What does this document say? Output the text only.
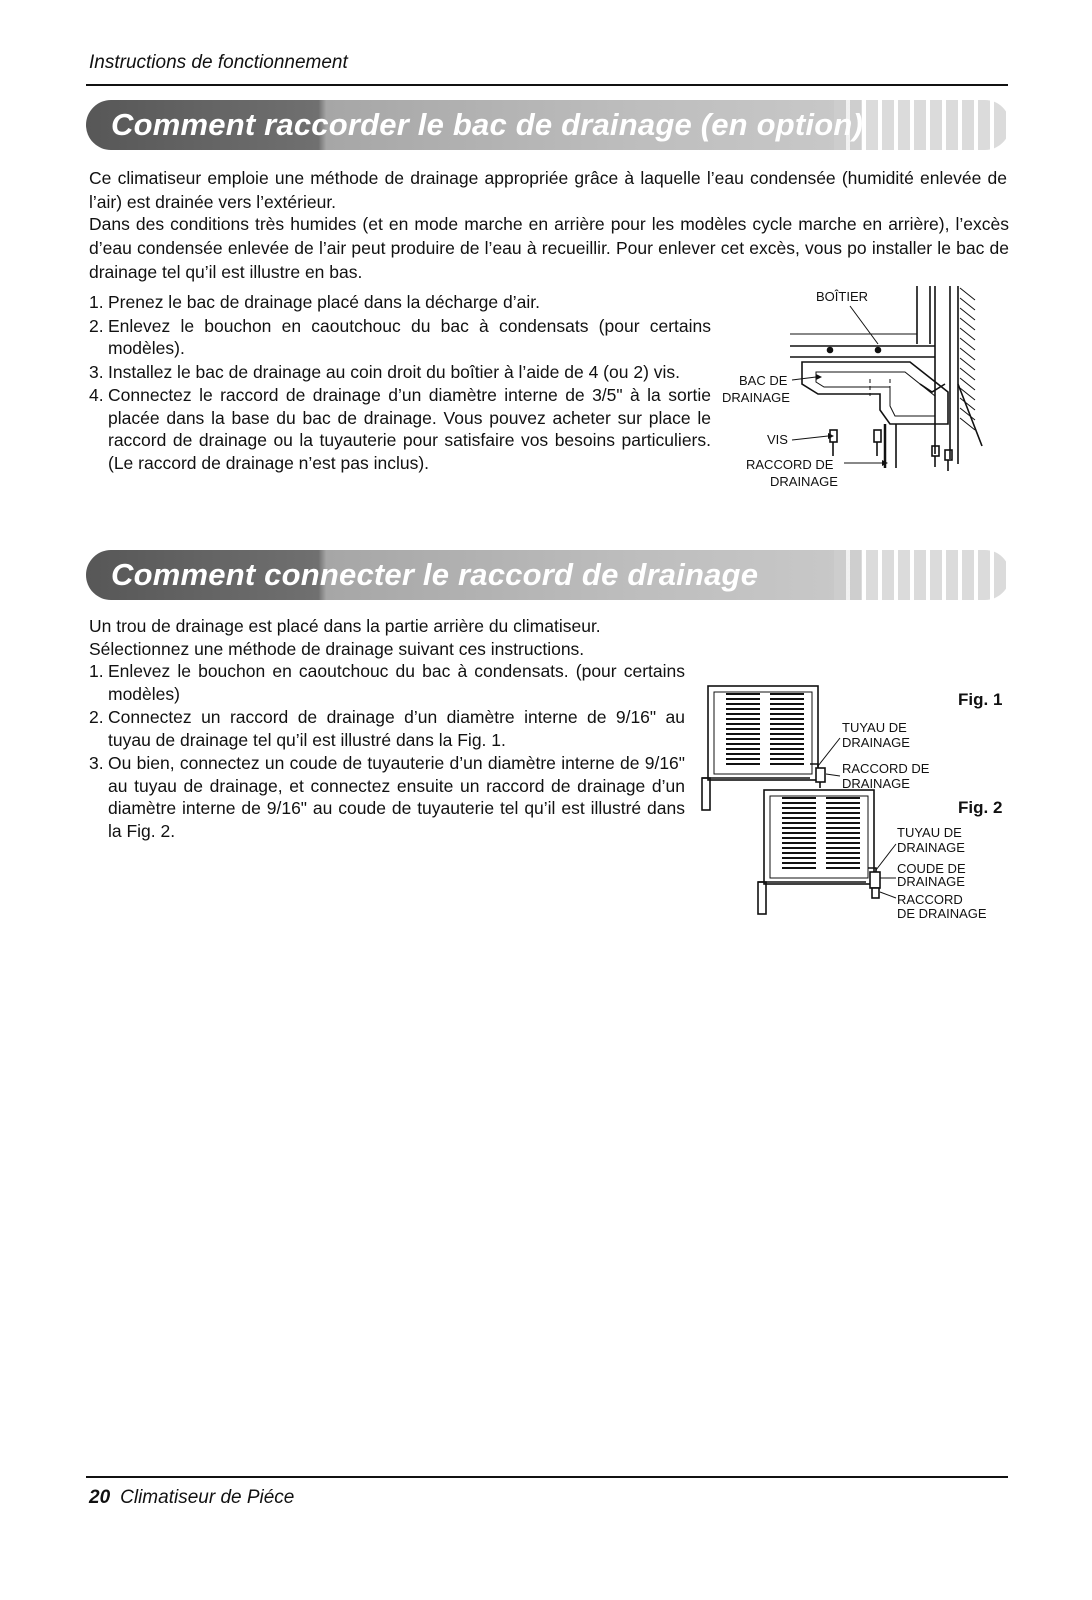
Instructions de fonctionnement
Comment raccorder le bac de drainage (en option)
Ce climatiseur emploie une méthode de drainage appropriée grâce à laquelle l’eau condensée (humidité enlevée de l’air) est drainée vers l’extérieur.
Dans des conditions très humides (et en mode marche en arrière pour les modèles cycle marche en arrière), l’excès d’eau condensée enlevée de l’air peut produire de l’eau à recueillir. Pour enlever cet excès, vous po installer le bac de drainage tel qu’il est illustre en bas.
1. Prenez le bac de drainage placé dans la décharge d’air.
2. Enlevez le bouchon en caoutchouc du bac à condensats (pour certains modèles).
3. Installez le bac de drainage au coin droit du boîtier à l’aide de 4 (ou 2) vis.
4. Connectez le raccord de drainage d’un diamètre interne de 3/5" à la sortie placée dans la base du bac de drainage. Vous pouvez acheter sur place le raccord de drainage ou la tuyauterie pour satisfaire vos besoins particuliers. (Le raccord de drainage n’est pas inclus).
BOÎTIER
BAC DE
DRAINAGE
VIS
RACCORD DE
DRAINAGE
Comment connecter le raccord de drainage
Un trou de drainage est placé dans la partie arrière du climatiseur.
Sélectionnez une méthode de drainage suivant ces instructions.
1. Enlevez le bouchon en caoutchouc du bac à condensats. (pour certains modèles)
2. Connectez un raccord de drainage d’un diamètre interne de 9/16" au tuyau de drainage tel qu’il est illustré dans la Fig. 1.
3. Ou bien, connectez un coude de tuyauterie d’un diamètre interne de 9/16" au tuyau de drainage, et connectez ensuite un raccord de drainage d’un diamètre interne de 9/16" au coude de tuyauterie tel qu’il est illustré dans la Fig. 2.
Fig. 1
TUYAU DE
DRAINAGE
RACCORD DE
DRAINAGE
Fig. 2
TUYAU DE
DRAINAGE
COUDE DE
DRAINAGE
RACCORD
DE DRAINAGE
20 Climatiseur de Piéce
